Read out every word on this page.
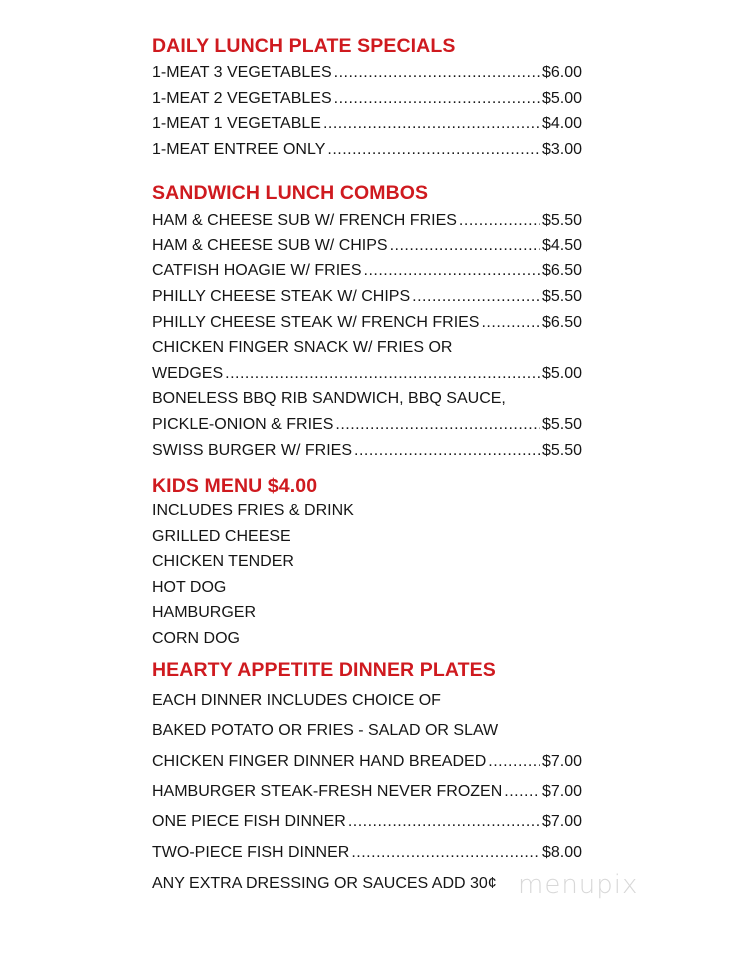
DAILY LUNCH PLATE SPECIALS
1-MEAT 3 VEGETABLES .....	$6.00
1-MEAT 2 VEGETABLES .....	$5.00
1-MEAT 1 VEGETABLE .....	$4.00
1-MEAT ENTREE ONLY .....	$3.00
SANDWICH LUNCH COMBOS
HAM & CHEESE SUB W/ FRENCH FRIES .....	$5.50
HAM & CHEESE SUB W/ CHIPS .....	$4.50
CATFISH HOAGIE W/ FRIES .....	$6.50
PHILLY CHEESE STEAK W/ CHIPS .....	$5.50
PHILLY CHEESE STEAK W/ FRENCH FRIES .....	$6.50
CHICKEN FINGER SNACK W/ FRIES OR
WEDGES .....	$5.00
BONELESS BBQ RIB SANDWICH, BBQ SAUCE,
PICKLE-ONION & FRIES .....	$5.50
SWISS BURGER W/ FRIES .....	$5.50
KIDS MENU $4.00
INCLUDES FRIES & DRINK
GRILLED CHEESE
CHICKEN TENDER
HOT DOG
HAMBURGER
CORN DOG
HEARTY APPETITE DINNER PLATES
EACH DINNER INCLUDES CHOICE OF
BAKED POTATO OR FRIES - SALAD OR SLAW
CHICKEN FINGER DINNER HAND BREADED .....	$7.00
HAMBURGER STEAK-FRESH NEVER FROZEN ..... $7.00
ONE PIECE FISH DINNER .....	$7.00
TWO-PIECE FISH DINNER .....	$8.00
ANY EXTRA DRESSING OR SAUCES ADD 30¢ menupix
